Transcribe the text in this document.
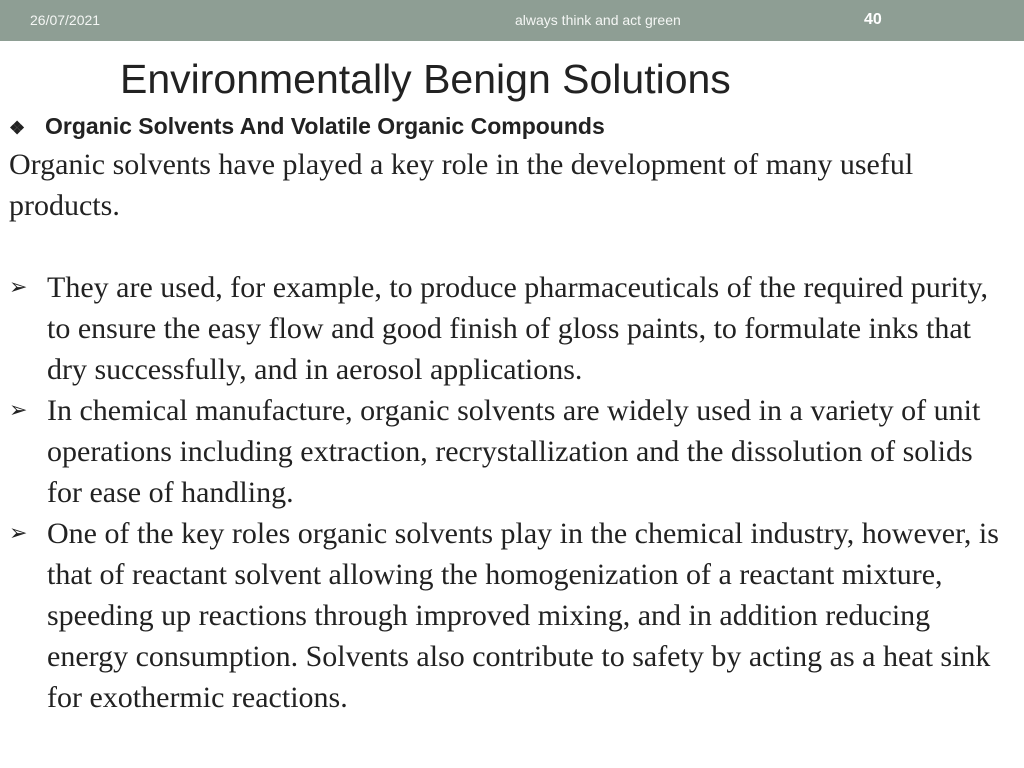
26/07/2021	always think and act green	40
Environmentally Benign Solutions
❖ Organic Solvents And Volatile Organic Compounds

Organic solvents have played a key role in the development of many useful products.

➢ They are used, for example, to produce pharmaceuticals of the required purity, to ensure the easy flow and good finish of gloss paints, to formulate inks that dry successfully, and in aerosol applications.
➢ In chemical manufacture, organic solvents are widely used in a variety of unit operations including extraction, recrystallization and the dissolution of solids for ease of handling.
➢ One of the key roles organic solvents play in the chemical industry, however, is that of reactant solvent allowing the homogenization of a reactant mixture, speeding up reactions through improved mixing, and in addition reducing energy consumption. Solvents also contribute to safety by acting as a heat sink for exothermic reactions.
